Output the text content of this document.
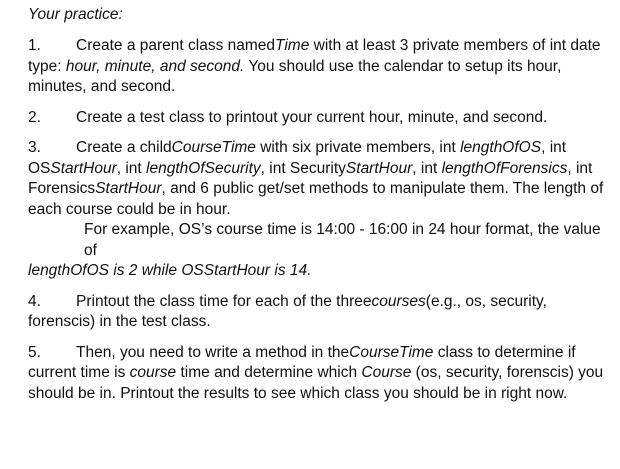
Your practice:
1. Create a parent class namedTime with at least 3 private members of int date type: hour, minute, and second. You should use the calendar to setup its hour, minutes, and second.
2. Create a test class to printout your current hour, minute, and second.
3. Create a childCourseTime with six private members, int lengthOfOS, int OSStartHour, int lengthOfSecurity, int SecurityStartHour, int lengthOfForensics, int ForensicsStartHour, and 6 public get/set methods to manipulate them. The length of each course could be in hour.
For example, OS’s course time is 14:00 - 16:00 in 24 hour format, the value oflengthOfOS is 2 while OSStartHour is 14.
4. Printout the class time for each of the threecourses(e.g., os, security, forenscis) in the test class.
5. Then, you need to write a method in theCourseTime class to determine if current time is course time and determine which Course (os, security, forenscis) you should be in. Printout the results to see which class you should be in right now.
